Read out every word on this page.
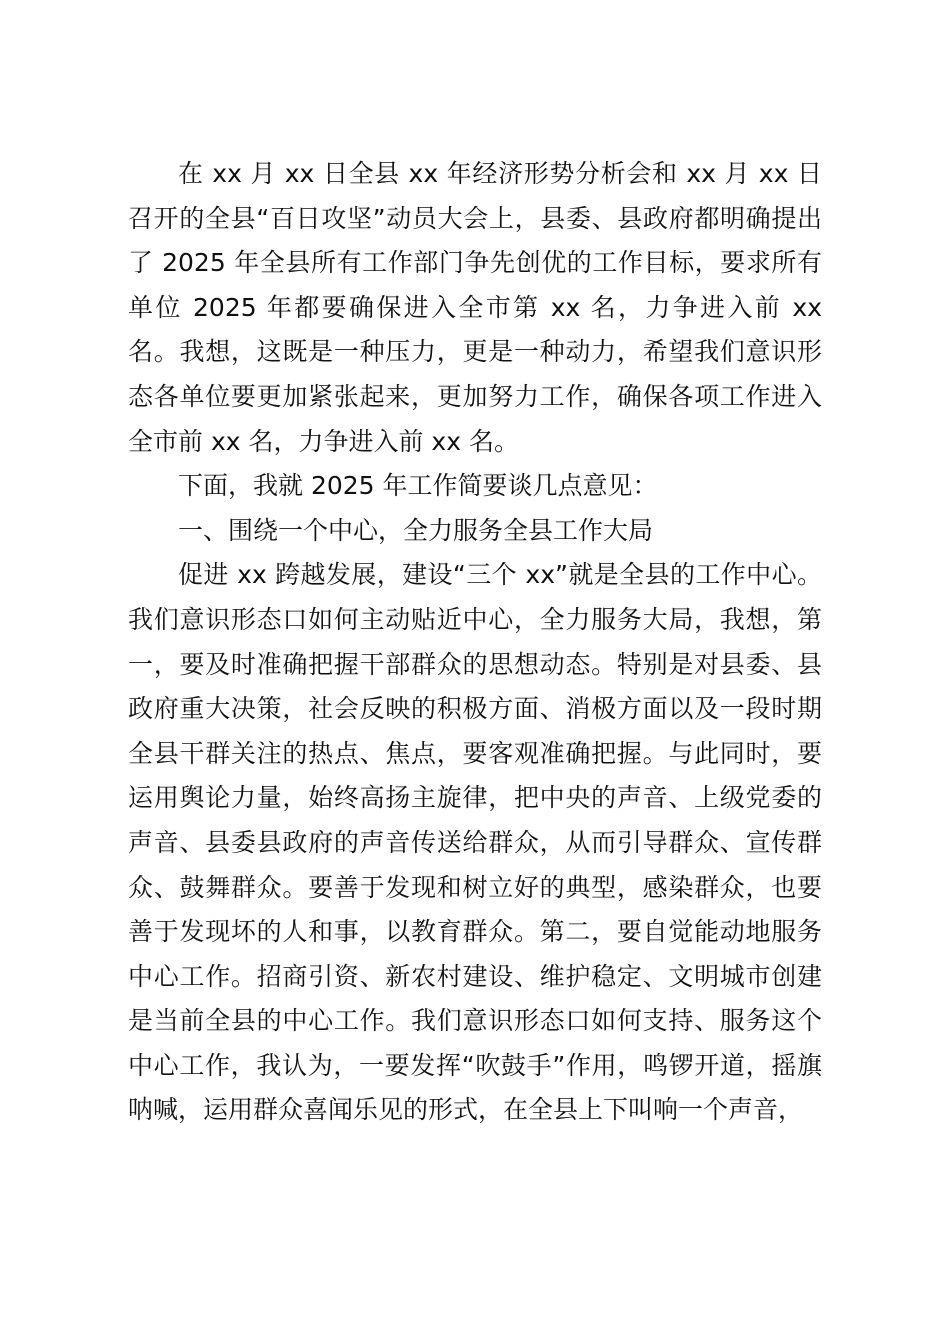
在 xx 月 xx 日全县 xx 年经济形势分析会和 xx 月 xx 日召开的全县“百日攻坚”动员大会上，县委、县政府都明确提出了 2025 年全县所有工作部门争先创优的工作目标，要求所有单位 2025 年都要确保进入全市第 xx 名，力争进入前 xx 名。我想，这既是一种压力，更是一种动力，希望我们意识形态各单位要更加紧张起来，更加努力工作，确保各项工作进入全市前 xx 名，力争进入前 xx 名。

下面，我就 2025 年工作简要谈几点意见：

一、围绕一个中心，全力服务全县工作大局

促进 xx 跨越发展，建设“三个 xx”就是全县的工作中心。我们意识形态口如何主动贴近中心，全力服务大局，我想，第一，要及时准确把握干部群众的思想动态。特别是对县委、县政府重大决策，社会反映的积极方面、消极方面以及一段时期全县干群关注的热点、焦点，要客观准确把握。与此同时，要运用舆论力量，始终高扬主旋律，把中央的声音、上级党委的声音、县委县政府的声音传送给群众，从而引导群众、宣传群众、鼓舞群众。要善于发现和树立好的典型，感染群众，也要善于发现坏的人和事，以教育群众。第二，要自觉能动地服务中心工作。招商引资、新农村建设、维护稳定、文明城市创建是当前全县的中心工作。我们意识形态口如何支持、服务这个中心工作，我认为，一要发挥“吹鼓手”作用，鸣锣开道，摇旗呐喊，运用群众喜闻乐见的形式，在全县上下叫响一个声音，
